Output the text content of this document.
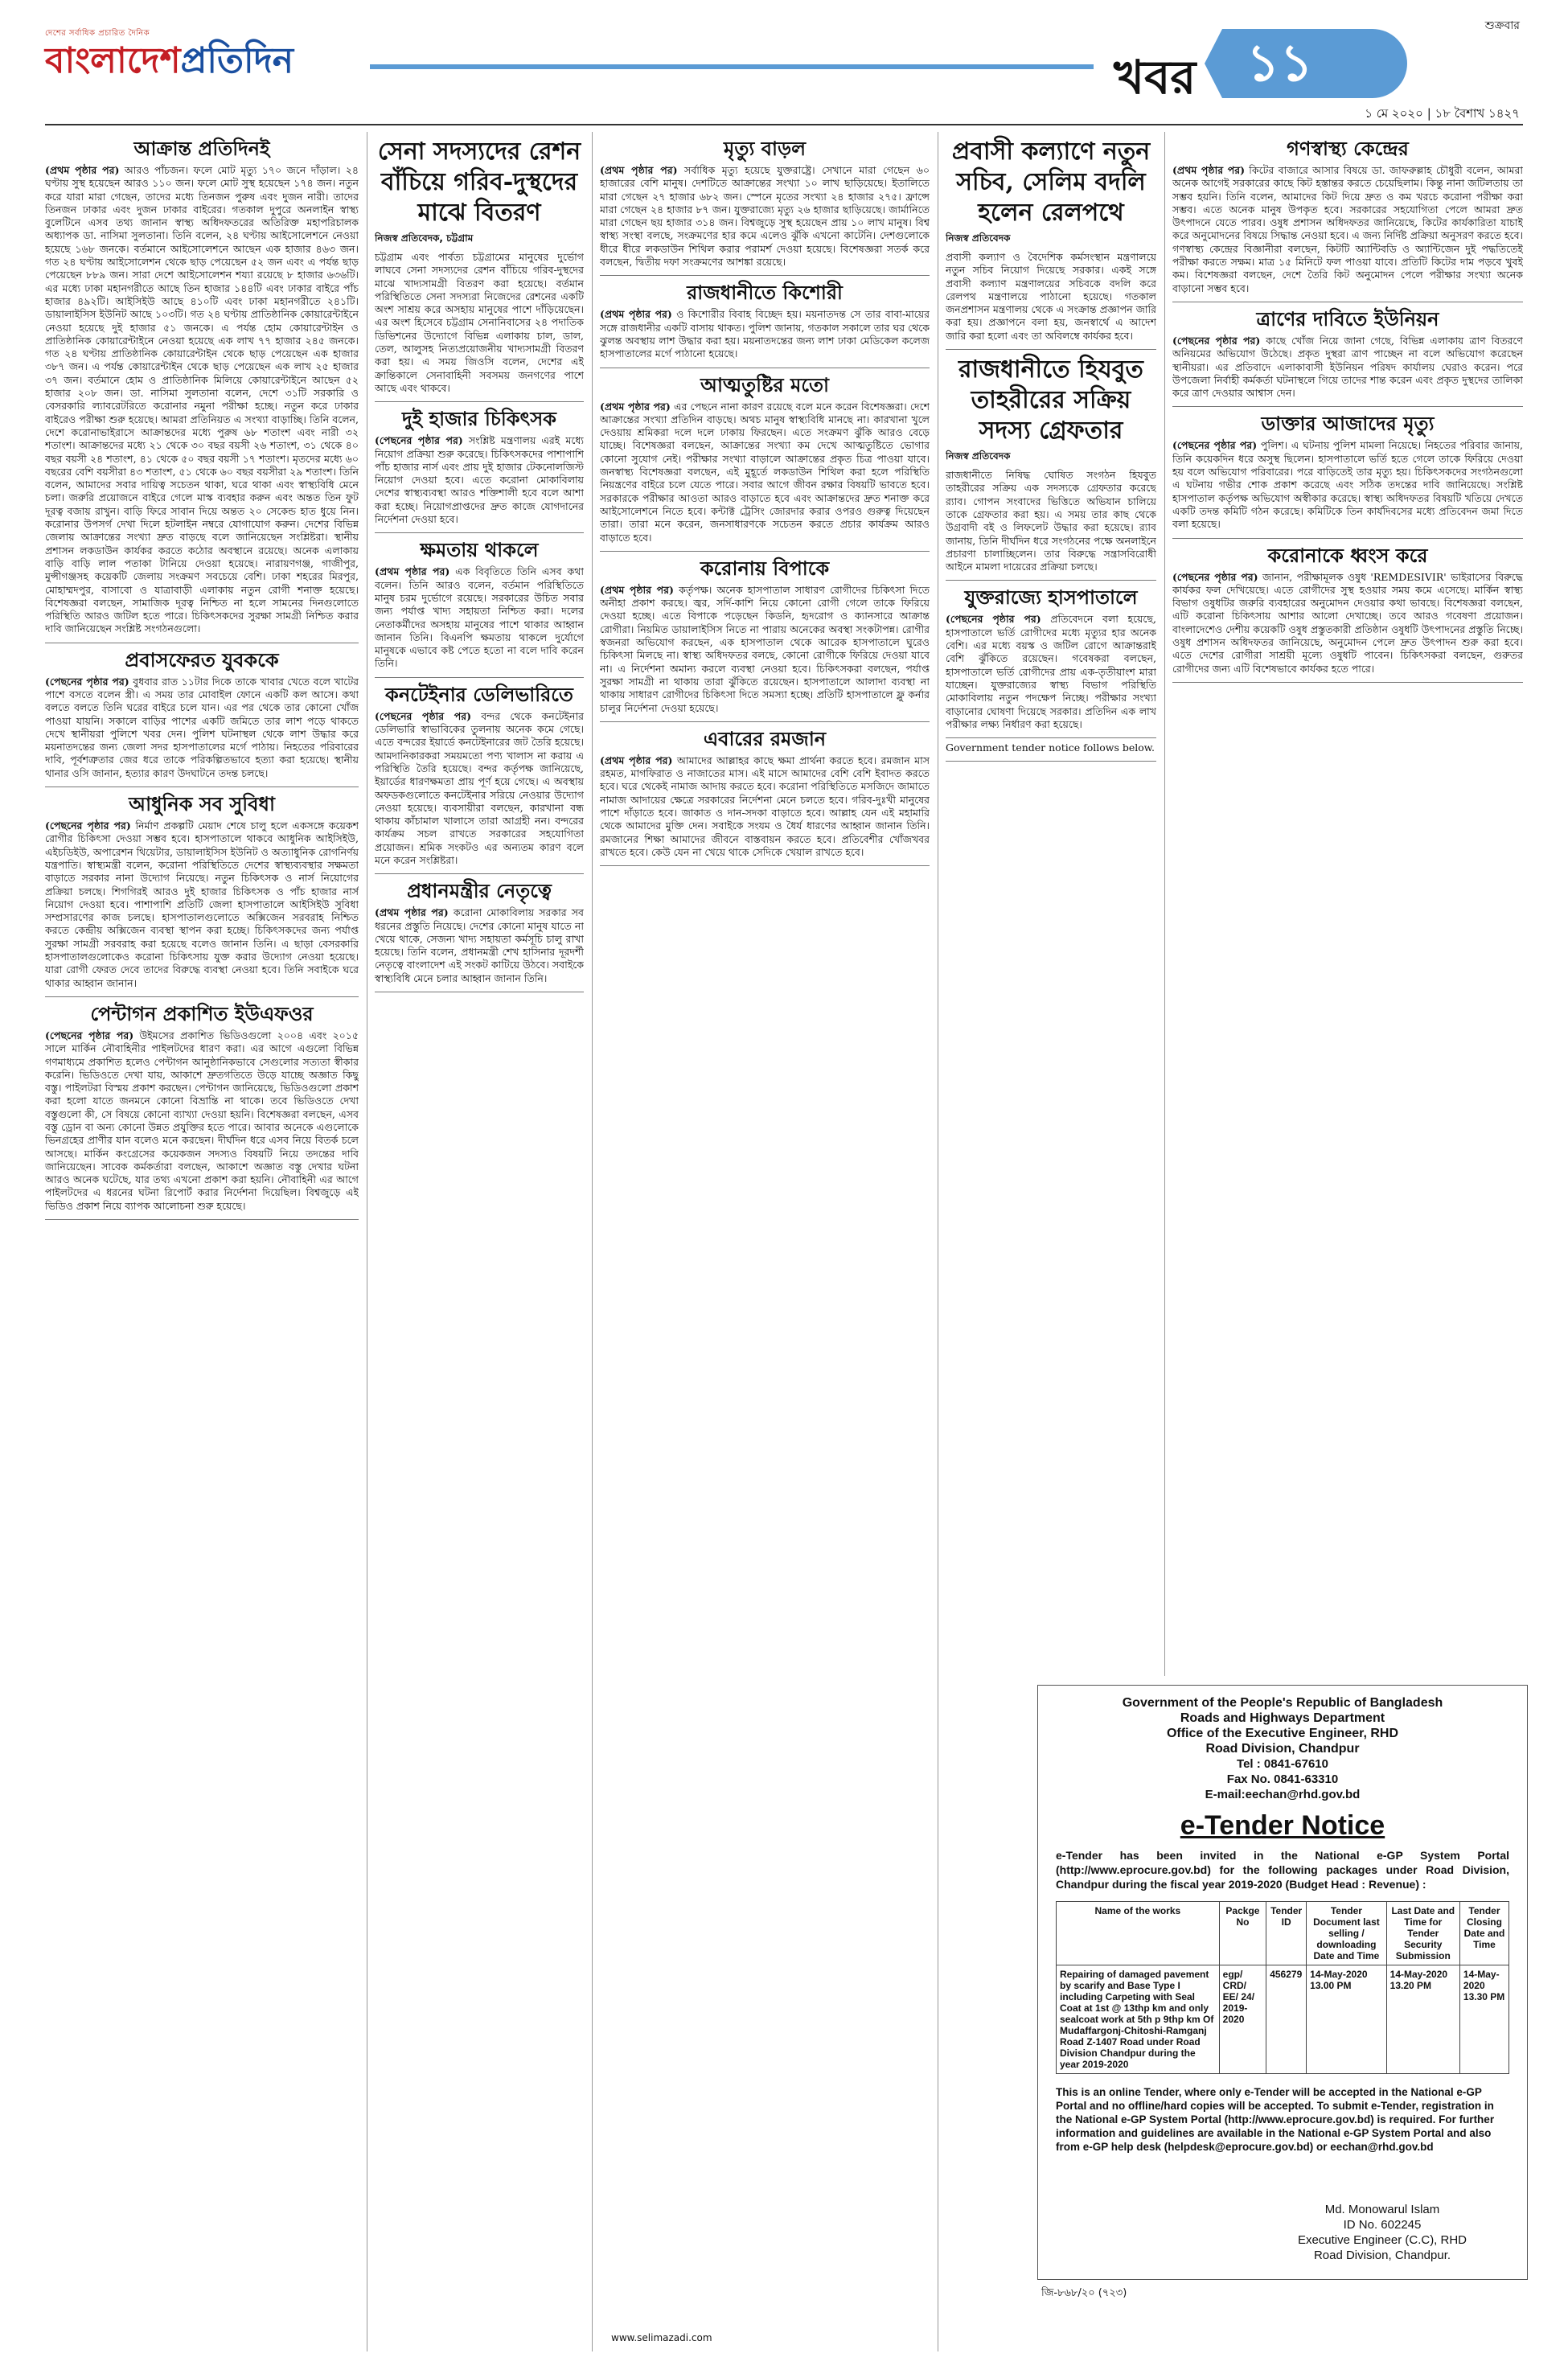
দেশের সর্বাধিক প্রচারিত দৈনিক
বাংলাদেশপ্রতিদিন	খবর ১১
শুক্রবার
১ মে ২০২০ | ১৮ বৈশাখ ১৪২৭
আক্রান্ত প্রতিদিনই

(প্রথম পৃষ্ঠার পর) আরও পাঁচজন। ফলে মোট মৃত্যু ১৭০ জনে দাঁড়াল। ২৪ ঘণ্টায় সুস্থ হয়েছেন আরও ১১০ জন। ফলে মোট সুস্থ হয়েছেন ১৭৪ জন। নতুন করে যারা মারা গেছেন, তাদের মধ্যে তিনজন পুরুষ এবং দুজন নারী। তাদের তিনজন ঢাকার এবং দুজন ঢাকার বাইরের। গতকাল দুপুরে অনলাইন স্বাস্থ্য বুলেটিনে এসব তথ্য জানান স্বাস্থ্য অধিদফতরের অতিরিক্ত মহাপরিচালক অধ্যাপক ডা. নাসিমা সুলতানা। তিনি বলেন, ২৪ ঘণ্টায় আইসোলেশনে নেওয়া হয়েছে ১৬৮ জনকে। বর্তমানে আইসোলেশনে আছেন এক হাজার ৪৬৩ জন। গত ২৪ ঘণ্টায় আইসোলেশন থেকে ছাড় পেয়েছেন ৫২ জন এবং এ পর্যন্ত ছাড় পেয়েছেন ৮৮৯ জন। সারা দেশে আইসোলেশন শয্যা রয়েছে ৮ হাজার ৬৩৬টি। এর মধ্যে ঢাকা মহানগরীতে আছে তিন হাজার ১৪৪টি এবং ঢাকার বাইরে পাঁচ হাজার ৪৯২টি। আইসিইউ আছে ৪১০টি এবং ঢাকা মহানগরীতে ২৪১টি। ডায়ালাইসিস ইউনিট আছে ১০৩টি। গত ২৪ ঘণ্টায় প্রাতিষ্ঠানিক কোয়ারেন্টাইনে নেওয়া হয়েছে দুই হাজার ৫১ জনকে। এ পর্যন্ত হোম কোয়ারেন্টাইন ও প্রাতিষ্ঠানিক কোয়ারেন্টাইনে নেওয়া হয়েছে এক লাখ ৭৭ হাজার ২৪৫ জনকে। গত ২৪ ঘণ্টায় প্রাতিষ্ঠানিক কোয়ারেন্টাইন থেকে ছাড় পেয়েছেন এক হাজার ৩৮৭ জন। এ পর্যন্ত কোয়ারেন্টাইন থেকে ছাড় পেয়েছেন এক লাখ ২৫ হাজার ৩৭ জন। বর্তমানে হোম ও প্রাতিষ্ঠানিক মিলিয়ে কোয়ারেন্টাইনে আছেন ৫২ হাজার ২০৮ জন। ডা. নাসিমা সুলতানা বলেন, দেশে ৩১টি সরকারি ও বেসরকারি ল্যাবরেটরিতে করোনার নমুনা পরীক্ষা হচ্ছে। নতুন করে ঢাকার বাইরেও পরীক্ষা শুরু হয়েছে। আমরা প্রতিনিয়ত এ সংখ্যা বাড়াচ্ছি। তিনি বলেন, দেশে করোনাভাইরাসে আক্রান্তদের মধ্যে পুরুষ ৬৮ শতাংশ এবং নারী ৩২ শতাংশ। আক্রান্তদের মধ্যে ২১ থেকে ৩০ বছর বয়সী ২৬ শতাংশ, ৩১ থেকে ৪০ বছর বয়সী ২৪ শতাংশ, ৪১ থেকে ৫০ বছর বয়সী ১৭ শতাংশ। মৃতদের মধ্যে ৬০ বছরের বেশি বয়সীরা ৪৩ শতাংশ, ৫১ থেকে ৬০ বছর বয়সীরা ২৯ শতাংশ। তিনি বলেন, আমাদের সবার দায়িত্ব সচেতন থাকা, ঘরে থাকা এবং স্বাস্থ্যবিধি মেনে চলা। জরুরি প্রয়োজনে বাইরে গেলে মাস্ক ব্যবহার করুন এবং অন্তত তিন ফুট দূরত্ব বজায় রাখুন। বাড়ি ফিরে সাবান দিয়ে অন্তত ২০ সেকেন্ড হাত ধুয়ে নিন। করোনার উপসর্গ দেখা দিলে হটলাইন নম্বরে যোগাযোগ করুন। দেশের বিভিন্ন জেলায় আক্রান্তের সংখ্যা দ্রুত বাড়ছে বলে জানিয়েছেন সংশ্লিষ্টরা। স্থানীয় প্রশাসন লকডাউন কার্যকর করতে কঠোর অবস্থানে রয়েছে। অনেক এলাকায় বাড়ি বাড়ি লাল পতাকা টানিয়ে দেওয়া হয়েছে। নারায়ণগঞ্জ, গাজীপুর, মুন্সীগঞ্জসহ কয়েকটি জেলায় সংক্রমণ সবচেয়ে বেশি। ঢাকা শহরের মিরপুর, মোহাম্মদপুর, বাসাবো ও যাত্রাবাড়ী এলাকায় নতুন রোগী শনাক্ত হয়েছে। বিশেষজ্ঞরা বলছেন, সামাজিক দূরত্ব নিশ্চিত না হলে সামনের দিনগুলোতে পরিস্থিতি আরও জটিল হতে পারে। চিকিৎসকদের সুরক্ষা সামগ্রী নিশ্চিত করার দাবি জানিয়েছেন সংশ্লিষ্ট সংগঠনগুলো।

প্রবাসফেরত যুবককে

(পেছনের পৃষ্ঠার পর) বুধবার রাত ১১টার দিকে তাকে খাবার খেতে বলে খাটের পাশে বসতে বলেন স্ত্রী। এ সময় তার মোবাইল ফোনে একটি কল আসে। কথা বলতে বলতে তিনি ঘরের বাইরে চলে যান। এর পর থেকে তার কোনো খোঁজ পাওয়া যায়নি। সকালে বাড়ির পাশের একটি জমিতে তার লাশ পড়ে থাকতে দেখে স্থানীয়রা পুলিশে খবর দেন। পুলিশ ঘটনাস্থল থেকে লাশ উদ্ধার করে ময়নাতদন্তের জন্য জেলা সদর হাসপাতালের মর্গে পাঠায়। নিহতের পরিবারের দাবি, পূর্বশত্রুতার জের ধরে তাকে পরিকল্পিতভাবে হত্যা করা হয়েছে। স্থানীয় থানার ওসি জানান, হত্যার কারণ উদঘাটনে তদন্ত চলছে।

আধুনিক সব সুবিধা

(পেছনের পৃষ্ঠার পর) নির্মাণ প্রকল্পটি মেয়াদ শেষে চালু হলে একসঙ্গে কয়েকশ রোগীর চিকিৎসা দেওয়া সম্ভব হবে। হাসপাতালে থাকবে আধুনিক আইসিইউ, এইচডিইউ, অপারেশন থিয়েটার, ডায়ালাইসিস ইউনিট ও অত্যাধুনিক রোগনির্ণয় যন্ত্রপাতি। স্বাস্থ্যমন্ত্রী বলেন, করোনা পরিস্থিতিতে দেশের স্বাস্থ্যব্যবস্থার সক্ষমতা বাড়াতে সরকার নানা উদ্যোগ নিয়েছে। নতুন চিকিৎসক ও নার্স নিয়োগের প্রক্রিয়া চলছে। শিগগিরই আরও দুই হাজার চিকিৎসক ও পাঁচ হাজার নার্স নিয়োগ দেওয়া হবে। পাশাপাশি প্রতিটি জেলা হাসপাতালে আইসিইউ সুবিধা সম্প্রসারণের কাজ চলছে। হাসপাতালগুলোতে অক্সিজেন সরবরাহ নিশ্চিত করতে কেন্দ্রীয় অক্সিজেন ব্যবস্থা স্থাপন করা হচ্ছে। চিকিৎসকদের জন্য পর্যাপ্ত সুরক্ষা সামগ্রী সরবরাহ করা হয়েছে বলেও জানান তিনি। এ ছাড়া বেসরকারি হাসপাতালগুলোকেও করোনা চিকিৎসায় যুক্ত করার উদ্যোগ নেওয়া হয়েছে। যারা রোগী ফেরত দেবে তাদের বিরুদ্ধে ব্যবস্থা নেওয়া হবে। তিনি সবাইকে ঘরে থাকার আহ্বান জানান।

পেন্টাগন প্রকাশিত ইউএফওর

(পেছনের পৃষ্ঠার পর) উইমসের প্রকাশিত ভিডিওগুলো ২০০৪ এবং ২০১৫ সালে মার্কিন নৌবাহিনীর পাইলটদের ধারণ করা। এর আগে এগুলো বিভিন্ন গণমাধ্যমে প্রকাশিত হলেও পেন্টাগন আনুষ্ঠানিকভাবে সেগুলোর সত্যতা স্বীকার করেনি। ভিডিওতে দেখা যায়, আকাশে দ্রুতগতিতে উড়ে যাচ্ছে অজ্ঞাত কিছু বস্তু। পাইলটরা বিস্ময় প্রকাশ করছেন। পেন্টাগন জানিয়েছে, ভিডিওগুলো প্রকাশ করা হলো যাতে জনমনে কোনো বিভ্রান্তি না থাকে। তবে ভিডিওতে দেখা বস্তুগুলো কী, সে বিষয়ে কোনো ব্যাখ্যা দেওয়া হয়নি। বিশেষজ্ঞরা বলছেন, এসব বস্তু ড্রোন বা অন্য কোনো উন্নত প্রযুক্তির হতে পারে। আবার অনেকে এগুলোকে ভিনগ্রহের প্রাণীর যান বলেও মনে করছেন। দীর্ঘদিন ধরে এসব নিয়ে বিতর্ক চলে আসছে। মার্কিন কংগ্রেসের কয়েকজন সদস্যও বিষয়টি নিয়ে তদন্তের দাবি জানিয়েছেন। সাবেক কর্মকর্তারা বলছেন, আকাশে অজ্ঞাত বস্তু দেখার ঘটনা আরও অনেক ঘটেছে, যার তথ্য এখনো প্রকাশ করা হয়নি। নৌবাহিনী এর আগে পাইলটদের এ ধরনের ঘটনা রিপোর্ট করার নির্দেশনা দিয়েছিল। বিশ্বজুড়ে এই ভিডিও প্রকাশ নিয়ে ব্যাপক আলোচনা শুরু হয়েছে।

সেনা সদস্যদের রেশন বাঁচিয়ে গরিব-দুস্থদের মাঝে বিতরণ
নিজস্ব প্রতিবেদক, চট্টগ্রাম

চট্টগ্রাম এবং পার্বত্য চট্টগ্রামের মানুষের দুর্ভোগ লাঘবে সেনা সদস্যদের রেশন বাঁচিয়ে গরিব-দুস্থদের মাঝে খাদ্যসামগ্রী বিতরণ করা হয়েছে। বর্তমান পরিস্থিতিতে সেনা সদস্যরা নিজেদের রেশনের একটি অংশ সাশ্রয় করে অসহায় মানুষের পাশে দাঁড়িয়েছেন। এর অংশ হিসেবে চট্টগ্রাম সেনানিবাসের ২৪ পদাতিক ডিভিশনের উদ্যোগে বিভিন্ন এলাকায় চাল, ডাল, তেল, আলুসহ নিত্যপ্রয়োজনীয় খাদ্যসামগ্রী বিতরণ করা হয়। এ সময় জিওসি বলেন, দেশের এই ক্রান্তিকালে সেনাবাহিনী সবসময় জনগণের পাশে আছে এবং থাকবে।

দুই হাজার চিকিৎসক

(পেছনের পৃষ্ঠার পর) সংশ্লিষ্ট মন্ত্রণালয় এরই মধ্যে নিয়োগ প্রক্রিয়া শুরু করেছে। চিকিৎসকদের পাশাপাশি পাঁচ হাজার নার্স এবং প্রায় দুই হাজার টেকনোলজিস্ট নিয়োগ দেওয়া হবে। এতে করোনা মোকাবিলায় দেশের স্বাস্থ্যব্যবস্থা আরও শক্তিশালী হবে বলে আশা করা হচ্ছে। নিয়োগপ্রাপ্তদের দ্রুত কাজে যোগদানের নির্দেশনা দেওয়া হবে।

ক্ষমতায় থাকলে

(প্রথম পৃষ্ঠার পর) এক বিবৃতিতে তিনি এসব কথা বলেন। তিনি আরও বলেন, বর্তমান পরিস্থিতিতে মানুষ চরম দুর্ভোগে রয়েছে। সরকারের উচিত সবার জন্য পর্যাপ্ত খাদ্য সহায়তা নিশ্চিত করা। দলের নেতাকর্মীদের অসহায় মানুষের পাশে থাকার আহ্বান জানান তিনি। বিএনপি ক্ষমতায় থাকলে দুর্যোগে মানুষকে এভাবে কষ্ট পেতে হতো না বলে দাবি করেন তিনি।

কনটেইনার ডেলিভারিতে

(পেছনের পৃষ্ঠার পর) বন্দর থেকে কনটেইনার ডেলিভারি স্বাভাবিকের তুলনায় অনেক কমে গেছে। এতে বন্দরের ইয়ার্ডে কনটেইনারের জট তৈরি হয়েছে। আমদানিকারকরা সময়মতো পণ্য খালাস না করায় এ পরিস্থিতি তৈরি হয়েছে। বন্দর কর্তৃপক্ষ জানিয়েছে, ইয়ার্ডের ধারণক্ষমতা প্রায় পূর্ণ হয়ে গেছে। এ অবস্থায় অফডকগুলোতে কনটেইনার সরিয়ে নেওয়ার উদ্যোগ নেওয়া হয়েছে। ব্যবসায়ীরা বলছেন, কারখানা বন্ধ থাকায় কাঁচামাল খালাসে তারা আগ্রহী নন। বন্দরের কার্যক্রম সচল রাখতে সরকারের সহযোগিতা প্রয়োজন। শ্রমিক সংকটও এর অন্যতম কারণ বলে মনে করেন সংশ্লিষ্টরা।

প্রধানমন্ত্রীর নেতৃত্বে

(প্রথম পৃষ্ঠার পর) করোনা মোকাবিলায় সরকার সব ধরনের প্রস্তুতি নিয়েছে। দেশের কোনো মানুষ যাতে না খেয়ে থাকে, সেজন্য খাদ্য সহায়তা কর্মসূচি চালু রাখা হয়েছে। তিনি বলেন, প্রধানমন্ত্রী শেখ হাসিনার দূরদর্শী নেতৃত্বে বাংলাদেশ এই সংকট কাটিয়ে উঠবে। সবাইকে স্বাস্থ্যবিধি মেনে চলার আহ্বান জানান তিনি।

মৃত্যু বাড়ল

(প্রথম পৃষ্ঠার পর) সর্বাধিক মৃত্যু হয়েছে যুক্তরাষ্ট্রে। সেখানে মারা গেছেন ৬০ হাজারের বেশি মানুষ। দেশটিতে আক্রান্তের সংখ্যা ১০ লাখ ছাড়িয়েছে। ইতালিতে মারা গেছেন ২৭ হাজার ৬৮২ জন। স্পেনে মৃতের সংখ্যা ২৪ হাজার ২৭৫। ফ্রান্সে মারা গেছেন ২৪ হাজার ৮৭ জন। যুক্তরাজ্যে মৃত্যু ২৬ হাজার ছাড়িয়েছে। জার্মানিতে মারা গেছেন ছয় হাজার ৩১৪ জন। বিশ্বজুড়ে সুস্থ হয়েছেন প্রায় ১০ লাখ মানুষ। বিশ্ব স্বাস্থ্য সংস্থা বলছে, সংক্রমণের হার কমে এলেও ঝুঁকি এখনো কাটেনি। দেশগুলোকে ধীরে ধীরে লকডাউন শিথিল করার পরামর্শ দেওয়া হয়েছে। বিশেষজ্ঞরা সতর্ক করে বলছেন, দ্বিতীয় দফা সংক্রমণের আশঙ্কা রয়েছে।

রাজধানীতে কিশোরী

(প্রথম পৃষ্ঠার পর) ও কিশোরীর বিবাহ বিচ্ছেদ হয়। ময়নাতদন্ত সে তার বাবা-মায়ের সঙ্গে রাজধানীর একটি বাসায় থাকত। পুলিশ জানায়, গতকাল সকালে তার ঘর থেকে ঝুলন্ত অবস্থায় লাশ উদ্ধার করা হয়। ময়নাতদন্তের জন্য লাশ ঢাকা মেডিকেল কলেজ হাসপাতালের মর্গে পাঠানো হয়েছে।

আত্মতুষ্টির মতো

(প্রথম পৃষ্ঠার পর) এর পেছনে নানা কারণ রয়েছে বলে মনে করেন বিশেষজ্ঞরা। দেশে আক্রান্তের সংখ্যা প্রতিদিন বাড়ছে। অথচ মানুষ স্বাস্থ্যবিধি মানছে না। কারখানা খুলে দেওয়ায় শ্রমিকরা দলে দলে ঢাকায় ফিরছেন। এতে সংক্রমণ ঝুঁকি আরও বেড়ে যাচ্ছে। বিশেষজ্ঞরা বলছেন, আক্রান্তের সংখ্যা কম দেখে আত্মতুষ্টিতে ভোগার কোনো সুযোগ নেই। পরীক্ষার সংখ্যা বাড়ালে আক্রান্তের প্রকৃত চিত্র পাওয়া যাবে। জনস্বাস্থ্য বিশেষজ্ঞরা বলছেন, এই মুহূর্তে লকডাউন শিথিল করা হলে পরিস্থিতি নিয়ন্ত্রণের বাইরে চলে যেতে পারে। সবার আগে জীবন রক্ষার বিষয়টি ভাবতে হবে। সরকারকে পরীক্ষার আওতা আরও বাড়াতে হবে এবং আক্রান্তদের দ্রুত শনাক্ত করে আইসোলেশনে নিতে হবে। কন্টাক্ট ট্রেসিং জোরদার করার ওপরও গুরুত্ব দিয়েছেন তারা। তারা মনে করেন, জনসাধারণকে সচেতন করতে প্রচার কার্যক্রম আরও বাড়াতে হবে।

করোনায় বিপাকে

(প্রথম পৃষ্ঠার পর) কর্তৃপক্ষ। অনেক হাসপাতাল সাধারণ রোগীদের চিকিৎসা দিতে অনীহা প্রকাশ করছে। জ্বর, সর্দি-কাশি নিয়ে কোনো রোগী গেলে তাকে ফিরিয়ে দেওয়া হচ্ছে। এতে বিপাকে পড়েছেন কিডনি, হৃদরোগ ও ক্যানসারে আক্রান্ত রোগীরা। নিয়মিত ডায়ালাইসিস নিতে না পারায় অনেকের অবস্থা সংকটাপন্ন। রোগীর স্বজনরা অভিযোগ করছেন, এক হাসপাতাল থেকে আরেক হাসপাতালে ঘুরেও চিকিৎসা মিলছে না। স্বাস্থ্য অধিদফতর বলছে, কোনো রোগীকে ফিরিয়ে দেওয়া যাবে না। এ নির্দেশনা অমান্য করলে ব্যবস্থা নেওয়া হবে। চিকিৎসকরা বলছেন, পর্যাপ্ত সুরক্ষা সামগ্রী না থাকায় তারা ঝুঁকিতে রয়েছেন। হাসপাতালে আলাদা ব্যবস্থা না থাকায় সাধারণ রোগীদের চিকিৎসা দিতে সমস্যা হচ্ছে। প্রতিটি হাসপাতালে ফ্লু কর্নার চালুর নির্দেশনা দেওয়া হয়েছে।

এবারের রমজান

(প্রথম পৃষ্ঠার পর) আমাদের আল্লাহর কাছে ক্ষমা প্রার্থনা করতে হবে। রমজান মাস রহমত, মাগফিরাত ও নাজাতের মাস। এই মাসে আমাদের বেশি বেশি ইবাদত করতে হবে। ঘরে থেকেই নামাজ আদায় করতে হবে। করোনা পরিস্থিতিতে মসজিদে জামাতে নামাজ আদায়ের ক্ষেত্রে সরকারের নির্দেশনা মেনে চলতে হবে। গরিব-দুঃখী মানুষের পাশে দাঁড়াতে হবে। জাকাত ও দান-সদকা বাড়াতে হবে। আল্লাহ যেন এই মহামারি থেকে আমাদের মুক্তি দেন। সবাইকে সংযম ও ধৈর্য ধারণের আহ্বান জানান তিনি। রমজানের শিক্ষা আমাদের জীবনে বাস্তবায়ন করতে হবে। প্রতিবেশীর খোঁজখবর রাখতে হবে। কেউ যেন না খেয়ে থাকে সেদিকে খেয়াল রাখতে হবে।

প্রবাসী কল্যাণে নতুন সচিব, সেলিম বদলি হলেন রেলপথে
নিজস্ব প্রতিবেদক

প্রবাসী কল্যাণ ও বৈদেশিক কর্মসংস্থান মন্ত্রণালয়ে নতুন সচিব নিয়োগ দিয়েছে সরকার। একই সঙ্গে প্রবাসী কল্যাণ মন্ত্রণালয়ের সচিবকে বদলি করে রেলপথ মন্ত্রণালয়ে পাঠানো হয়েছে। গতকাল জনপ্রশাসন মন্ত্রণালয় থেকে এ সংক্রান্ত প্রজ্ঞাপন জারি করা হয়। প্রজ্ঞাপনে বলা হয়, জনস্বার্থে এ আদেশ জারি করা হলো এবং তা অবিলম্বে কার্যকর হবে।

রাজধানীতে হিযবুত তাহরীরের সক্রিয় সদস্য গ্রেফতার
নিজস্ব প্রতিবেদক

রাজধানীতে নিষিদ্ধ ঘোষিত সংগঠন হিযবুত তাহরীরের সক্রিয় এক সদস্যকে গ্রেফতার করেছে র‌্যাব। গোপন সংবাদের ভিত্তিতে অভিযান চালিয়ে তাকে গ্রেফতার করা হয়। এ সময় তার কাছ থেকে উগ্রবাদী বই ও লিফলেট উদ্ধার করা হয়েছে। র‌্যাব জানায়, তিনি দীর্ঘদিন ধরে সংগঠনের পক্ষে অনলাইনে প্রচারণা চালাচ্ছিলেন। তার বিরুদ্ধে সন্ত্রাসবিরোধী আইনে মামলা দায়েরের প্রক্রিয়া চলছে।

যুক্তরাজ্যে হাসপাতালে

(পেছনের পৃষ্ঠার পর) প্রতিবেদনে বলা হয়েছে, হাসপাতালে ভর্তি রোগীদের মধ্যে মৃত্যুর হার অনেক বেশি। এর মধ্যে বয়স্ক ও জটিল রোগে আক্রান্তরাই বেশি ঝুঁকিতে রয়েছেন। গবেষকরা বলছেন, হাসপাতালে ভর্তি রোগীদের প্রায় এক-তৃতীয়াংশ মারা যাচ্ছেন। যুক্তরাজ্যের স্বাস্থ্য বিভাগ পরিস্থিতি মোকাবিলায় নতুন পদক্ষেপ নিচ্ছে। পরীক্ষার সংখ্যা বাড়ানোর ঘোষণা দিয়েছে সরকার। প্রতিদিন এক লাখ পরীক্ষার লক্ষ্য নির্ধারণ করা হয়েছে।

Government tender notice follows below.

গণস্বাস্থ্য কেন্দ্রের

(প্রথম পৃষ্ঠার পর) কিটের বাজারে আসার বিষয়ে ডা. জাফরুল্লাহ চৌধুরী বলেন, আমরা অনেক আগেই সরকারের কাছে কিট হস্তান্তর করতে চেয়েছিলাম। কিন্তু নানা জটিলতায় তা সম্ভব হয়নি। তিনি বলেন, আমাদের কিট দিয়ে দ্রুত ও কম খরচে করোনা পরীক্ষা করা সম্ভব। এতে অনেক মানুষ উপকৃত হবে। সরকারের সহযোগিতা পেলে আমরা দ্রুত উৎপাদনে যেতে পারব। ওষুধ প্রশাসন অধিদফতর জানিয়েছে, কিটের কার্যকারিতা যাচাই করে অনুমোদনের বিষয়ে সিদ্ধান্ত নেওয়া হবে। এ জন্য নির্দিষ্ট প্রক্রিয়া অনুসরণ করতে হবে। গণস্বাস্থ্য কেন্দ্রের বিজ্ঞানীরা বলছেন, কিটটি অ্যান্টিবডি ও অ্যান্টিজেন দুই পদ্ধতিতেই পরীক্ষা করতে সক্ষম। মাত্র ১৫ মিনিটে ফল পাওয়া যাবে। প্রতিটি কিটের দাম পড়বে খুবই কম। বিশেষজ্ঞরা বলছেন, দেশে তৈরি কিট অনুমোদন পেলে পরীক্ষার সংখ্যা অনেক বাড়ানো সম্ভব হবে।

ত্রাণের দাবিতে ইউনিয়ন

(পেছনের পৃষ্ঠার পর) কাছে খোঁজ নিয়ে জানা গেছে, বিভিন্ন এলাকায় ত্রাণ বিতরণে অনিয়মের অভিযোগ উঠেছে। প্রকৃত দুস্থরা ত্রাণ পাচ্ছেন না বলে অভিযোগ করেছেন স্থানীয়রা। এর প্রতিবাদে এলাকাবাসী ইউনিয়ন পরিষদ কার্যালয় ঘেরাও করেন। পরে উপজেলা নির্বাহী কর্মকর্তা ঘটনাস্থলে গিয়ে তাদের শান্ত করেন এবং প্রকৃত দুস্থদের তালিকা করে ত্রাণ দেওয়ার আশ্বাস দেন।

ডাক্তার আজাদের মৃত্যু

(পেছনের পৃষ্ঠার পর) পুলিশ। এ ঘটনায় পুলিশ মামলা নিয়েছে। নিহতের পরিবার জানায়, তিনি কয়েকদিন ধরে অসুস্থ ছিলেন। হাসপাতালে ভর্তি হতে গেলে তাকে ফিরিয়ে দেওয়া হয় বলে অভিযোগ পরিবারের। পরে বাড়িতেই তার মৃত্যু হয়। চিকিৎসকদের সংগঠনগুলো এ ঘটনায় গভীর শোক প্রকাশ করেছে এবং সঠিক তদন্তের দাবি জানিয়েছে। সংশ্লিষ্ট হাসপাতাল কর্তৃপক্ষ অভিযোগ অস্বীকার করেছে। স্বাস্থ্য অধিদফতর বিষয়টি খতিয়ে দেখতে একটি তদন্ত কমিটি গঠন করেছে। কমিটিকে তিন কার্যদিবসের মধ্যে প্রতিবেদন জমা দিতে বলা হয়েছে।

করোনাকে ধ্বংস করে

(পেছনের পৃষ্ঠার পর) জানান, পরীক্ষামূলক ওষুধ 'REMDESIVIR' ভাইরাসের বিরুদ্ধে কার্যকর ফল দেখিয়েছে। এতে রোগীদের সুস্থ হওয়ার সময় কমে এসেছে। মার্কিন স্বাস্থ্য বিভাগ ওষুধটির জরুরি ব্যবহারের অনুমোদন দেওয়ার কথা ভাবছে। বিশেষজ্ঞরা বলছেন, এটি করোনা চিকিৎসায় আশার আলো দেখাচ্ছে। তবে আরও গবেষণা প্রয়োজন। বাংলাদেশেও দেশীয় কয়েকটি ওষুধ প্রস্তুতকারী প্রতিষ্ঠান ওষুধটি উৎপাদনের প্রস্তুতি নিচ্ছে। ওষুধ প্রশাসন অধিদফতর জানিয়েছে, অনুমোদন পেলে দ্রুত উৎপাদন শুরু করা হবে। এতে দেশের রোগীরা সাশ্রয়ী মূল্যে ওষুধটি পাবেন। চিকিৎসকরা বলছেন, গুরুতর রোগীদের জন্য এটি বিশেষভাবে কার্যকর হতে পারে।

Government of the People's Republic of Bangladesh
Roads and Highways Department
Office of the Executive Engineer, RHD
Road Division, Chandpur
Tel : 0841-67610
Fax No. 0841-63310
E-mail:eechan@rhd.gov.bd
e-Tender Notice
e-Tender has been invited in the National e-GP System Portal (http://www.eprocure.gov.bd) for the following packages under Road Division, Chandpur during the fiscal year 2019-2020 (Budget Head : Revenue) :
Name of the works	Packge No	Tender ID	Tender Document last selling / downloading Date and Time	Last Date and Time for Tender Security Submission	Tender Closing Date and Time
Repairing of damaged pavement by scarify and Base Type I including Carpeting with Seal Coat at 1st @ 13thp km and only sealcoat work at 5th p 9thp km Of Mudaffargonj-Chitoshi-Ramganj Road Z-1407 Road under Road Division Chandpur during the year 2019-2020	egp/ CRD/ EE/ 24/ 2019-2020	456279	14-May-2020 13.00 PM	14-May-2020 13.20 PM	14-May-2020 13.30 PM
This is an online Tender, where only e-Tender will be accepted in the National e-GP Portal and no offline/hard copies will be accepted. To submit e-Tender, registration in the National e-GP System Portal (http://www.eprocure.gov.bd) is required. For further information and guidelines are available in the National e-GP System Portal and also from e-GP help desk (helpdesk@eprocure.gov.bd) or eechan@rhd.gov.bd
Md. Monowarul Islam
ID No. 602245
Executive Engineer (C.C), RHD
Road Division, Chandpur.
জি-৮৬৮/২০ (৭২৩)
www.selimazadi.com
